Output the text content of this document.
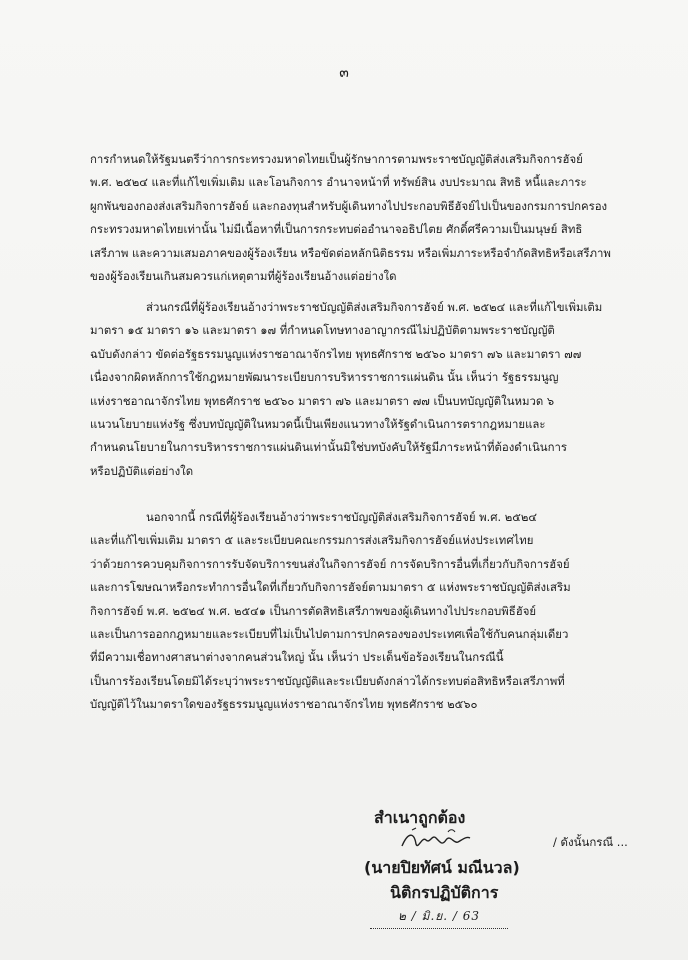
๓
การกำหนดให้รัฐมนตรีว่าการกระทรวงมหาดไทยเป็นผู้รักษาการตามพระราชบัญญัติส่งเสริมกิจการฮัจย์
พ.ศ. ๒๕๒๔ และที่แก้ไขเพิ่มเติม และโอนกิจการ อำนาจหน้าที่ ทรัพย์สิน งบประมาณ สิทธิ หนี้และภาระ
ผูกพันของกองส่งเสริมกิจการฮัจย์ และกองทุนสำหรับผู้เดินทางไปประกอบพิธีฮัจย์ไปเป็นของกรมการปกครอง
กระทรวงมหาดไทยเท่านั้น ไม่มีเนื้อหาที่เป็นการกระทบต่ออำนาจอธิปไตย ศักดิ์ศรีความเป็นมนุษย์ สิทธิ
เสรีภาพ และความเสมอภาคของผู้ร้องเรียน หรือขัดต่อหลักนิติธรรม หรือเพิ่มภาระหรือจำกัดสิทธิหรือเสรีภาพ
ของผู้ร้องเรียนเกินสมควรแก่เหตุตามที่ผู้ร้องเรียนอ้างแต่อย่างใด
ส่วนกรณีที่ผู้ร้องเรียนอ้างว่าพระราชบัญญัติส่งเสริมกิจการฮัจย์ พ.ศ. ๒๕๒๔ และที่แก้ไขเพิ่มเติม
มาตรา ๑๕ มาตรา ๑๖ และมาตรา ๑๗ ที่กำหนดโทษทางอาญากรณีไม่ปฏิบัติตามพระราชบัญญัติ
ฉบับดังกล่าว ขัดต่อรัฐธรรมนูญแห่งราชอาณาจักรไทย พุทธศักราช ๒๕๖๐ มาตรา ๗๖ และมาตรา ๗๗
เนื่องจากผิดหลักการใช้กฎหมายพัฒนาระเบียบการบริหารราชการแผ่นดิน นั้น เห็นว่า รัฐธรรมนูญ
แห่งราชอาณาจักรไทย พุทธศักราช ๒๕๖๐ มาตรา ๗๖ และมาตรา ๗๗ เป็นบทบัญญัติในหมวด ๖
แนวนโยบายแห่งรัฐ ซึ่งบทบัญญัติในหมวดนี้เป็นเพียงแนวทางให้รัฐดำเนินการตรากฎหมายและ
กำหนดนโยบายในการบริหารราชการแผ่นดินเท่านั้นมิใช่บทบังคับให้รัฐมีภาระหน้าที่ต้องดำเนินการ
หรือปฏิบัติแต่อย่างใด
นอกจากนี้ กรณีที่ผู้ร้องเรียนอ้างว่าพระราชบัญญัติส่งเสริมกิจการฮัจย์ พ.ศ. ๒๕๒๔
และที่แก้ไขเพิ่มเติม มาตรา ๕ และระเบียบคณะกรรมการส่งเสริมกิจการฮัจย์แห่งประเทศไทย
ว่าด้วยการควบคุมกิจการการรับจัดบริการขนส่งในกิจการฮัจย์ การจัดบริการอื่นที่เกี่ยวกับกิจการฮัจย์
และการโฆษณาหรือกระทำการอื่นใดที่เกี่ยวกับกิจการฮัจย์ตามมาตรา ๕ แห่งพระราชบัญญัติส่งเสริม
กิจการฮัจย์ พ.ศ. ๒๕๒๔ พ.ศ. ๒๕๔๑ เป็นการตัดสิทธิเสรีภาพของผู้เดินทางไปประกอบพิธีฮัจย์
และเป็นการออกกฎหมายและระเบียบที่ไม่เป็นไปตามการปกครองของประเทศเพื่อใช้กับคนกลุ่มเดียว
ที่มีความเชื่อทางศาสนาต่างจากคนส่วนใหญ่ นั้น เห็นว่า ประเด็นข้อร้องเรียนในกรณีนี้
เป็นการร้องเรียนโดยมิได้ระบุว่าพระราชบัญญัติและระเบียบดังกล่าวได้กระทบต่อสิทธิหรือเสรีภาพที่
บัญญัติไว้ในมาตราใดของรัฐธรรมนูญแห่งราชอาณาจักรไทย พุทธศักราช ๒๕๖๐
สำเนาถูกต้อง
/ ดังนั้นกรณี ...
(นายปิยทัศน์ มณีนวล)
นิติกรปฏิบัติการ
๒ / มิ.ย. / 63
